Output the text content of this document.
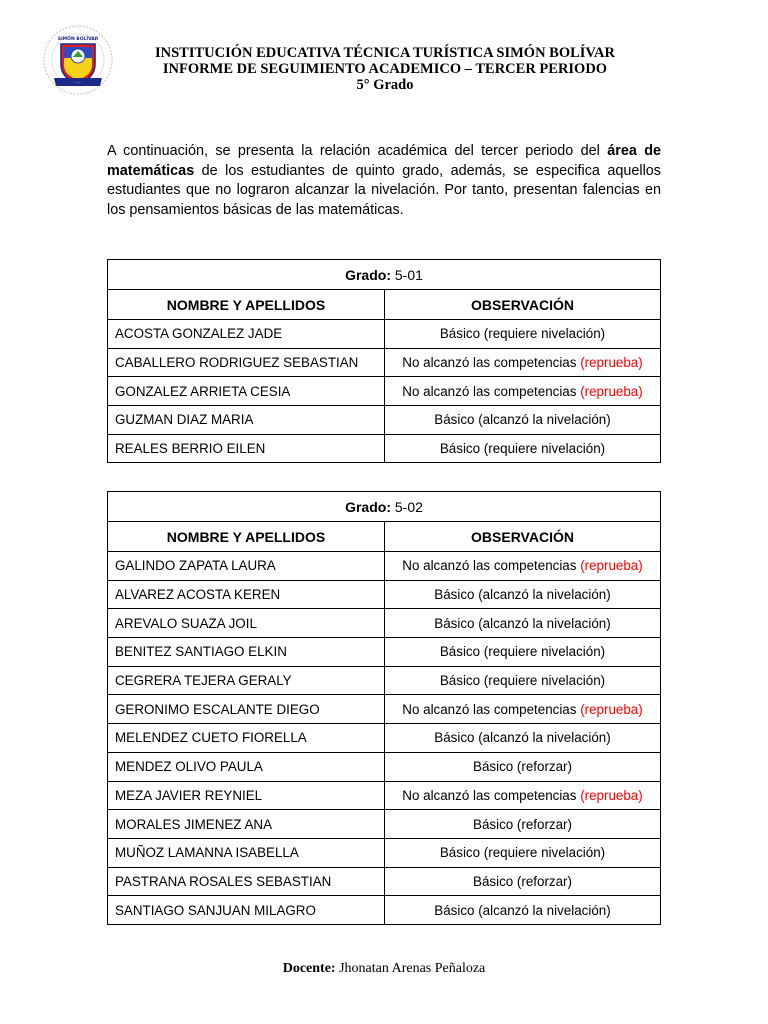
SIMÓN BOLÍVAR
·····
INSTITUCIÓN EDUCATIVA TÉCNICA TURÍSTICA SIMÓN BOLÍVAR
INFORME DE SEGUIMIENTO ACADEMICO – TERCER PERIODO
5° Grado
A continuación, se presenta la relación académica del tercer periodo del área de matemáticas de los estudiantes de quinto grado, además, se especifica aquellos estudiantes que no lograron alcanzar la nivelación. Por tanto, presentan falencias en los pensamientos básicas de las matemáticas.
Grado: 5-01	
NOMBRE Y APELLIDOS	OBSERVACIÓN
ACOSTA GONZALEZ JADE	Básico (requiere nivelación)
CABALLERO RODRIGUEZ SEBASTIAN	No alcanzó las competencias (reprueba)
GONZALEZ ARRIETA CESIA	No alcanzó las competencias (reprueba)
GUZMAN DIAZ MARIA	Básico (alcanzó la nivelación)
REALES BERRIO EILEN	Básico (requiere nivelación)
Grado: 5-02	
NOMBRE Y APELLIDOS	OBSERVACIÓN
GALINDO ZAPATA LAURA	No alcanzó las competencias (reprueba)
ALVAREZ ACOSTA KEREN	Básico (alcanzó la nivelación)
AREVALO SUAZA JOIL	Básico (alcanzó la nivelación)
BENITEZ SANTIAGO ELKIN	Básico (requiere nivelación)
CEGRERA TEJERA GERALY	Básico (requiere nivelación)
GERONIMO ESCALANTE DIEGO	No alcanzó las competencias (reprueba)
MELENDEZ CUETO FIORELLA	Básico (alcanzó la nivelación)
MENDEZ OLIVO PAULA	Básico (reforzar)
MEZA JAVIER REYNIEL	No alcanzó las competencias (reprueba)
MORALES JIMENEZ ANA	Básico (reforzar)
MUÑOZ LAMANNA ISABELLA	Básico (requiere nivelación)
PASTRANA ROSALES SEBASTIAN	Básico (reforzar)
SANTIAGO SANJUAN MILAGRO	Básico (alcanzó la nivelación)
Docente: Jhonatan Arenas Peñaloza
